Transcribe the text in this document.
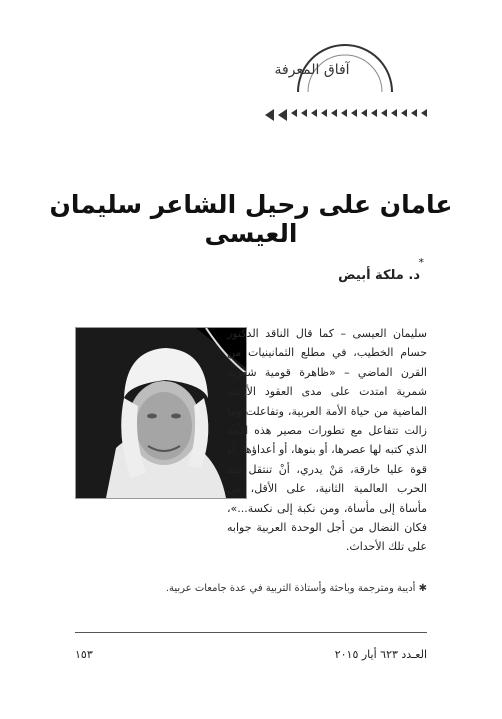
آفاق المعرفة
عامان على رحيل الشاعر سليمان العيسى
*
د. ملكة أبيض

سليمان العيسى – كما قال الناقد الدكتور حسام الخطيب، في مطلع الثمانينيات من القرن الماضي – «ظاهرة قومية شعرية شمرية امتدت على مدى العقود الأربعة الماضية من حياة الأمة العربية، وتفاعلت وما زالت تتفاعل مع تطورات مصير هذه الأمة الذي كتبه لها عصرها، أو بنوها، أو أعداؤها، أو قوة عليا خارقة، مَنْ يدري، أنْ تنتقل منذ الحرب العالمية الثانية، على الأقل، من مأساة إلى مأساة، ومن نكبة إلى نكسة...»، فكان النضال من أجل الوحدة العربية جوابه على تلك الأحداث.

✱ أديبة ومترجمة وباحثة وأستاذة التربية في عدة جامعات عربية.
١٥٣	العـدد ٦٢٣ أيار ٢٠١٥
